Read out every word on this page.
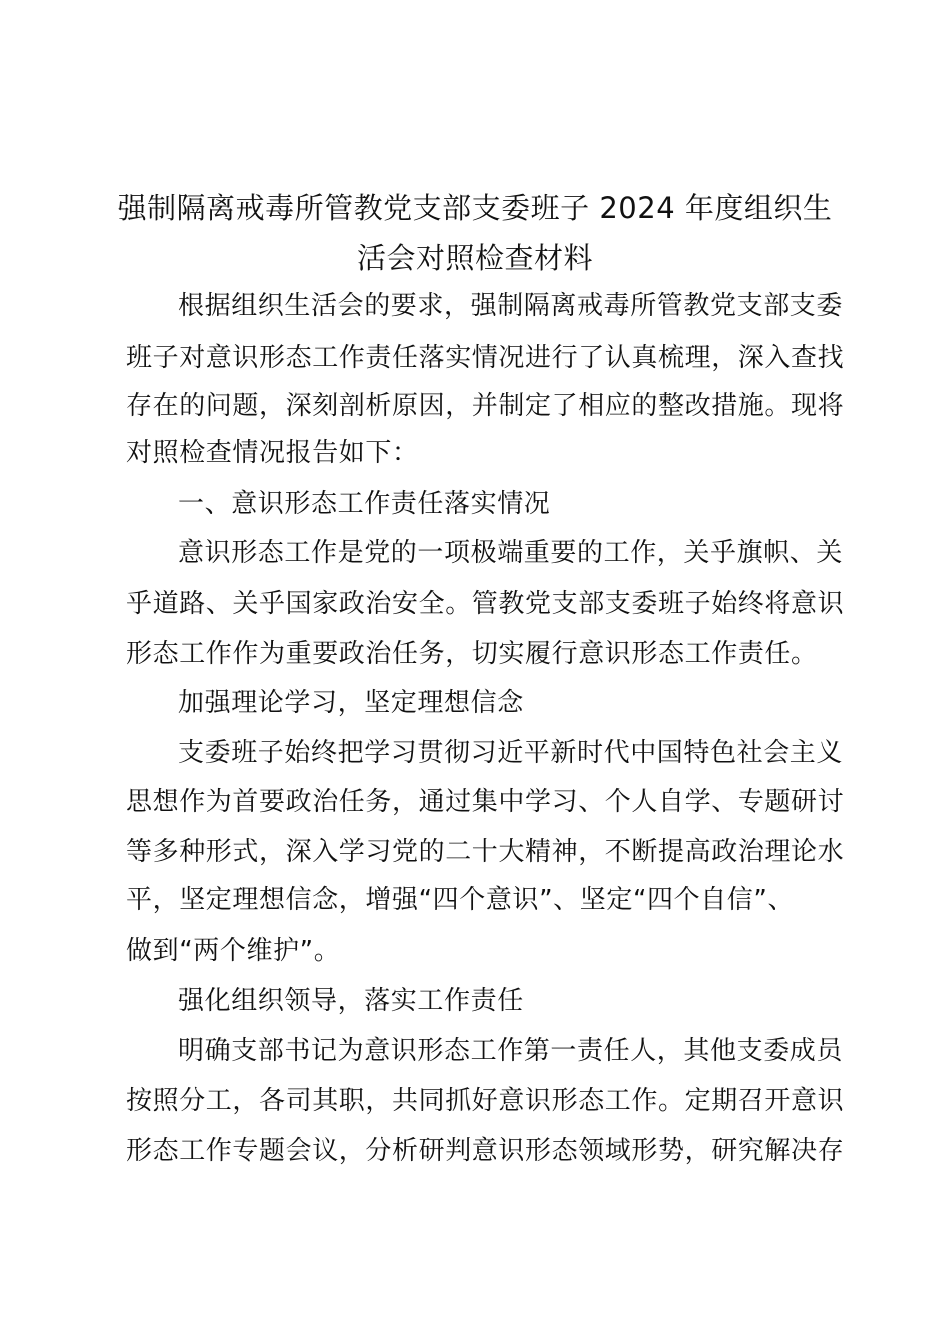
强制隔离戒毒所管教党支部支委班子 2024 年度组织生
活会对照检查材料
根据组织生活会的要求，强制隔离戒毒所管教党支部支委
班子对意识形态工作责任落实情况进行了认真梳理，深入查找
存在的问题，深刻剖析原因，并制定了相应的整改措施。现将
对照检查情况报告如下：
一、意识形态工作责任落实情况
意识形态工作是党的一项极端重要的工作，关乎旗帜、关
乎道路、关乎国家政治安全。管教党支部支委班子始终将意识
形态工作作为重要政治任务，切实履行意识形态工作责任。
加强理论学习，坚定理想信念
支委班子始终把学习贯彻习近平新时代中国特色社会主义
思想作为首要政治任务，通过集中学习、个人自学、专题研讨
等多种形式，深入学习党的二十大精神，不断提高政治理论水
平，坚定理想信念，增强“四个意识”、坚定“四个自信”、
做到“两个维护”。
强化组织领导，落实工作责任
明确支部书记为意识形态工作第一责任人，其他支委成员
按照分工，各司其职，共同抓好意识形态工作。定期召开意识
形态工作专题会议，分析研判意识形态领域形势，研究解决存
